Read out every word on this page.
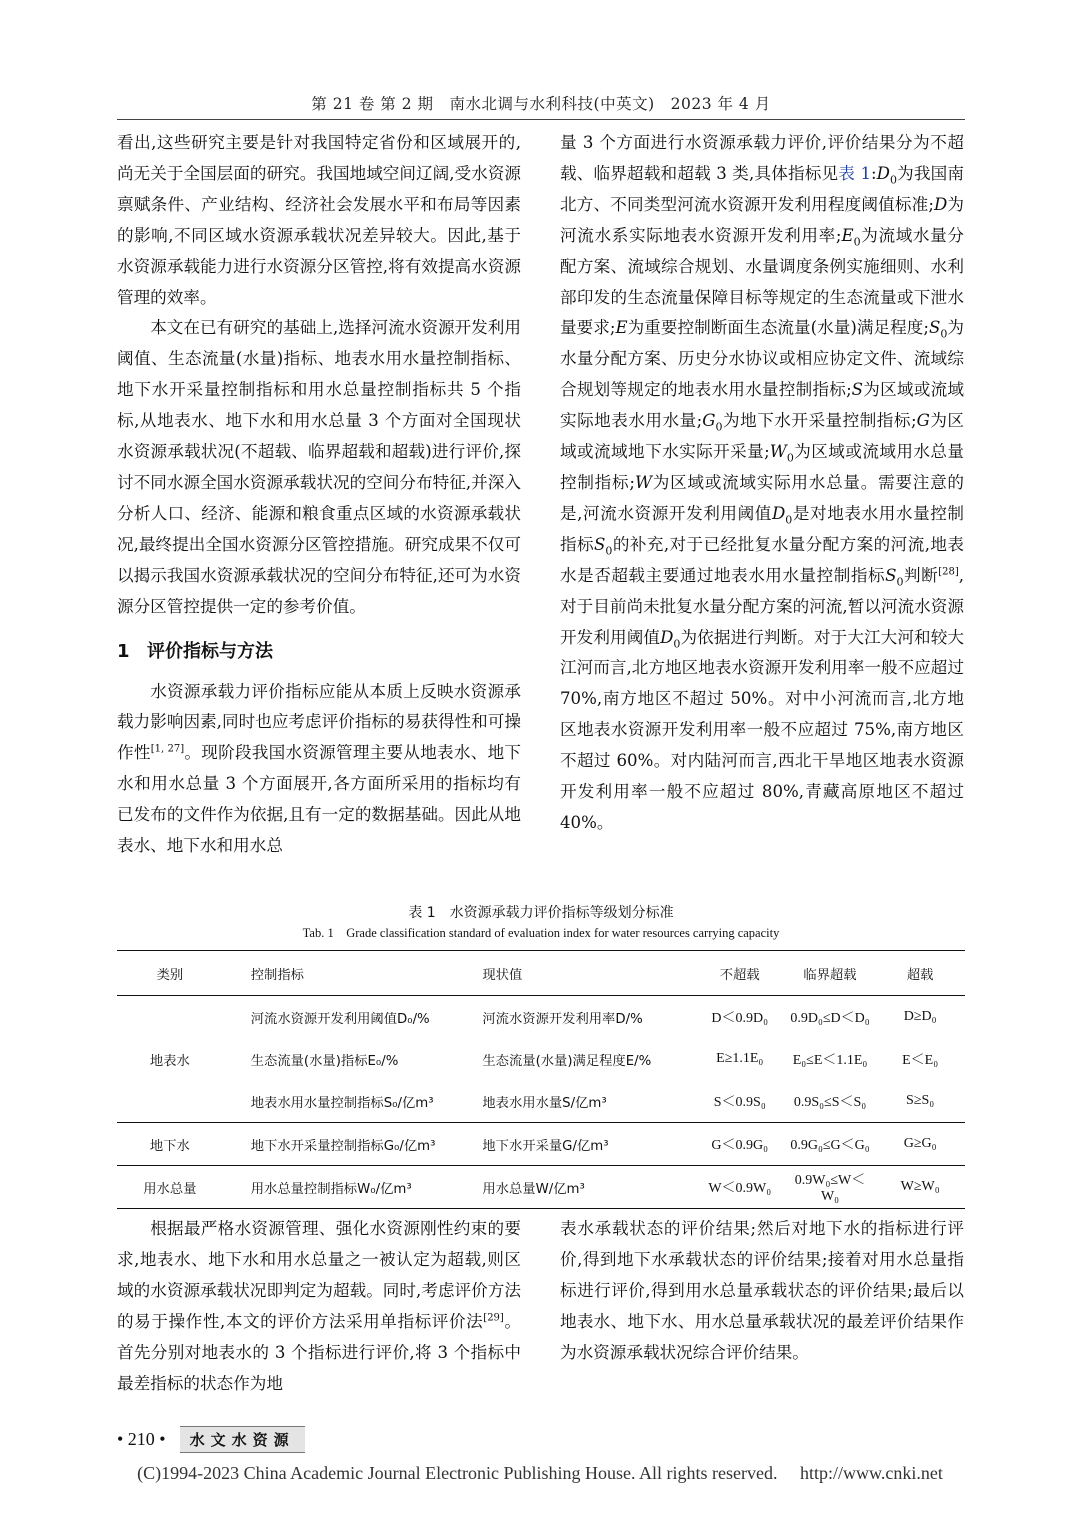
第 21 卷 第 2 期　南水北调与水利科技(中英文)　2023 年 4 月

看出,这些研究主要是针对我国特定省份和区域展开的,尚无关于全国层面的研究。我国地域空间辽阔,受水资源禀赋条件、产业结构、经济社会发展水平和布局等因素的影响,不同区域水资源承载状况差异较大。因此,基于水资源承载能力进行水资源分区管控,将有效提高水资源管理的效率。

本文在已有研究的基础上,选择河流水资源开发利用阈值、生态流量(水量)指标、地表水用水量控制指标、地下水开采量控制指标和用水总量控制指标共 5 个指标,从地表水、地下水和用水总量 3 个方面对全国现状水资源承载状况(不超载、临界超载和超载)进行评价,探讨不同水源全国水资源承载状况的空间分布特征,并深入分析人口、经济、能源和粮食重点区域的水资源承载状况,最终提出全国水资源分区管控措施。研究成果不仅可以揭示我国水资源承载状况的空间分布特征,还可为水资源分区管控提供一定的参考价值。

1 评价指标与方法

水资源承载力评价指标应能从本质上反映水资源承载力影响因素,同时也应考虑评价指标的易获得性和可操作性[1, 27]。现阶段我国水资源管理主要从地表水、地下水和用水总量 3 个方面展开,各方面所采用的指标均有已发布的文件作为依据,且有一定的数据基础。因此从地表水、地下水和用水总

量 3 个方面进行水资源承载力评价,评价结果分为不超载、临界超载和超载 3 类,具体指标见表 $1:D_0$为我国南北方、不同类型河流水资源开发利用程度阈值标准;D为河流水系实际地表水资源开发利用率$;E_0$为流域水量分配方案、流域综合规划、水量调度条例实施细则、水利部印发的生态流量保障目标等规定的生态流量或下泄水量要求;E为重要控制断面生态流量(水量)满足程度$;S_0$为水量分配方案、历史分水协议或相应协定文件、流域综合规划等规定的地表水用水量控制指标;S为区域或流域实际地表水用水量$;G_0$为地下水开采量控制指标;G为区域或流域地下水实际开采量$;W_0$为区域或流域用水总量控制指标;W为区域或流域实际用水总量。需要注意的是,河流水资源开发利用阈值$D_0$是对地表水用水量控制指标$S_0$的补充,对于已经批复水量分配方案的河流,地表水是否超载主要通过地表水用水量控制指标$S_0$判断[28],对于目前尚未批复水量分配方案的河流,暂以河流水资源开发利用阈值$D_0$为依据进行判断。对于大江大河和较大江河而言,北方地区地表水资源开发利用率一般不应超过 70%,南方地区不超过 50%。对中小河流而言,北方地区地表水资源开发利用率一般不应超过 75%,南方地区不超过 60%。对内陆河而言,西北干旱地区地表水资源开发利用率一般不应超过 80%,青藏高原地区不超过 40%。

表 1　水资源承载力评价指标等级划分标准
Tab. 1　Grade classification standard of evaluation index for water resources carrying capacity
类别	控制指标	现状值	不超载	临界超载	超载
	河流水资源开发利用阈值D₀/%	河流水资源开发利用率D/%	D＜0.9D₀	0.9D₀≤D＜D₀	D≥D₀
地表水	生态流量(水量)指标E₀/%	生态流量(水量)满足程度E/%	E≥1.1E₀	E₀≤E＜1.1E₀	E＜E₀
	地表水用水量控制指标S₀/亿m³	地表水用水量S/亿m³	S＜0.9S₀	0.9S₀≤S＜S₀	S≥S₀
地下水	地下水开采量控制指标G₀/亿m³	地下水开采量G/亿m³	G＜0.9G₀	0.9G₀≤G＜G₀	G≥G₀
用水总量	用水总量控制指标W₀/亿m³	用水总量W/亿m³	W＜0.9W₀	0.9W₀≤W＜W₀	W≥W₀

根据最严格水资源管理、强化水资源刚性约束的要求,地表水、地下水和用水总量之一被认定为超载,则区域的水资源承载状况即判定为超载。同时,考虑评价方法的易于操作性,本文的评价方法采用单指标评价法[29]。首先分别对地表水的 3 个指标进行评价,将 3 个指标中最差指标的状态作为地

表水承载状态的评价结果;然后对地下水的指标进行评价,得到地下水承载状态的评价结果;接着对用水总量指标进行评价,得到用水总量承载状态的评价结果;最后以地表水、地下水、用水总量承载状况的最差评价结果作为水资源承载状况综合评价结果。

• 210 •	水文水资源
(C)1994-2023 China Academic Journal Electronic Publishing House. All rights reserved.　 http://www.cnki.net
